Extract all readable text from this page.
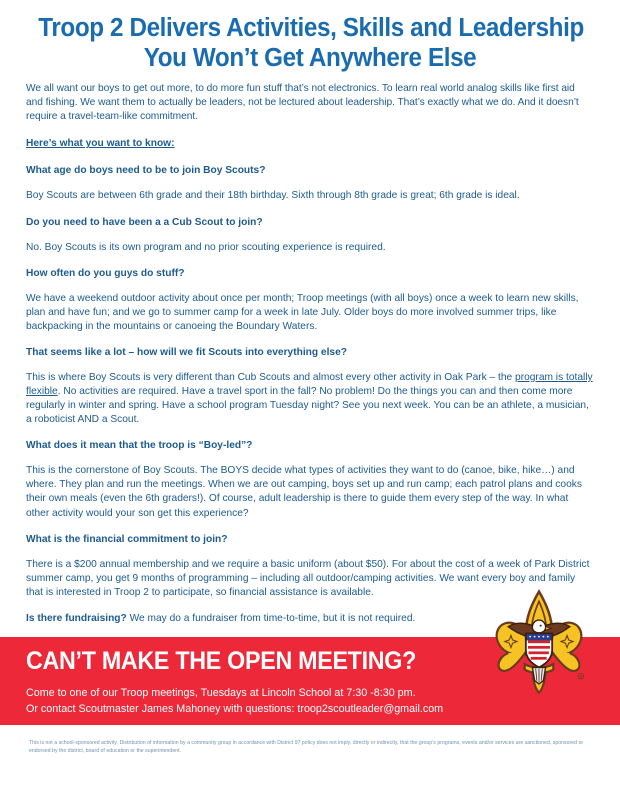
Troop 2 Delivers Activities, Skills and Leadership
You Won’t Get Anywhere Else

We all want our boys to get out more, to do more fun stuff that’s not electronics. To learn real world analog skills like first aid and fishing. We want them to actually be leaders, not be lectured about leadership. That’s exactly what we do. And it doesn’t require a travel-team-like commitment.

Here’s what you want to know:

What age do boys need to be to join Boy Scouts?

Boy Scouts are between 6th grade and their 18th birthday. Sixth through 8th grade is great; 6th grade is ideal.

Do you need to have been a a Cub Scout to join?

No. Boy Scouts is its own program and no prior scouting experience is required.

How often do you guys do stuff?

We have a weekend outdoor activity about once per month; Troop meetings (with all boys) once a week to learn new skills, plan and have fun; and we go to summer camp for a week in late July. Older boys do more involved summer trips, like backpacking in the mountains or canoeing the Boundary Waters.

That seems like a lot – how will we fit Scouts into everything else?

This is where Boy Scouts is very different than Cub Scouts and almost every other activity in Oak Park – the program is totally flexible. No activities are required. Have a travel sport in the fall? No problem! Do the things you can and then come more regularly in winter and spring. Have a school program Tuesday night? See you next week. You can be an athlete, a musician, a roboticist AND a Scout.

What does it mean that the troop is “Boy-led”?

This is the cornerstone of Boy Scouts. The BOYS decide what types of activities they want to do (canoe, bike, hike…) and where. They plan and run the meetings. When we are out camping, boys set up and run camp; each patrol plans and cooks their own meals (even the 6th graders!). Of course, adult leadership is there to guide them every step of the way. In what other activity would your son get this experience?

What is the financial commitment to join?

There is a $200 annual membership and we require a basic uniform (about $50). For about the cost of a week of Park District summer camp, you get 9 months of programming – including all outdoor/camping activities. We want every boy and family that is interested in Troop 2 to participate, so financial assistance is available.

Is there fundraising? We may do a fundraiser from time-to-time, but it is not required.

R
CAN’T MAKE THE OPEN MEETING?
Come to one of our Troop meetings, Tuesdays at Lincoln School at 7:30 -8:30 pm.
Or contact Scoutmaster James Mahoney with questions: troop2scoutleader@gmail.com
This is not a school-sponsored activity. Distribution of information by a community group in accordance with District 97 policy does not imply, directly or indirectly, that the group’s programs, events and/or services are sanctioned, sponsored or endorsed by the district, board of education or the superintendent.
